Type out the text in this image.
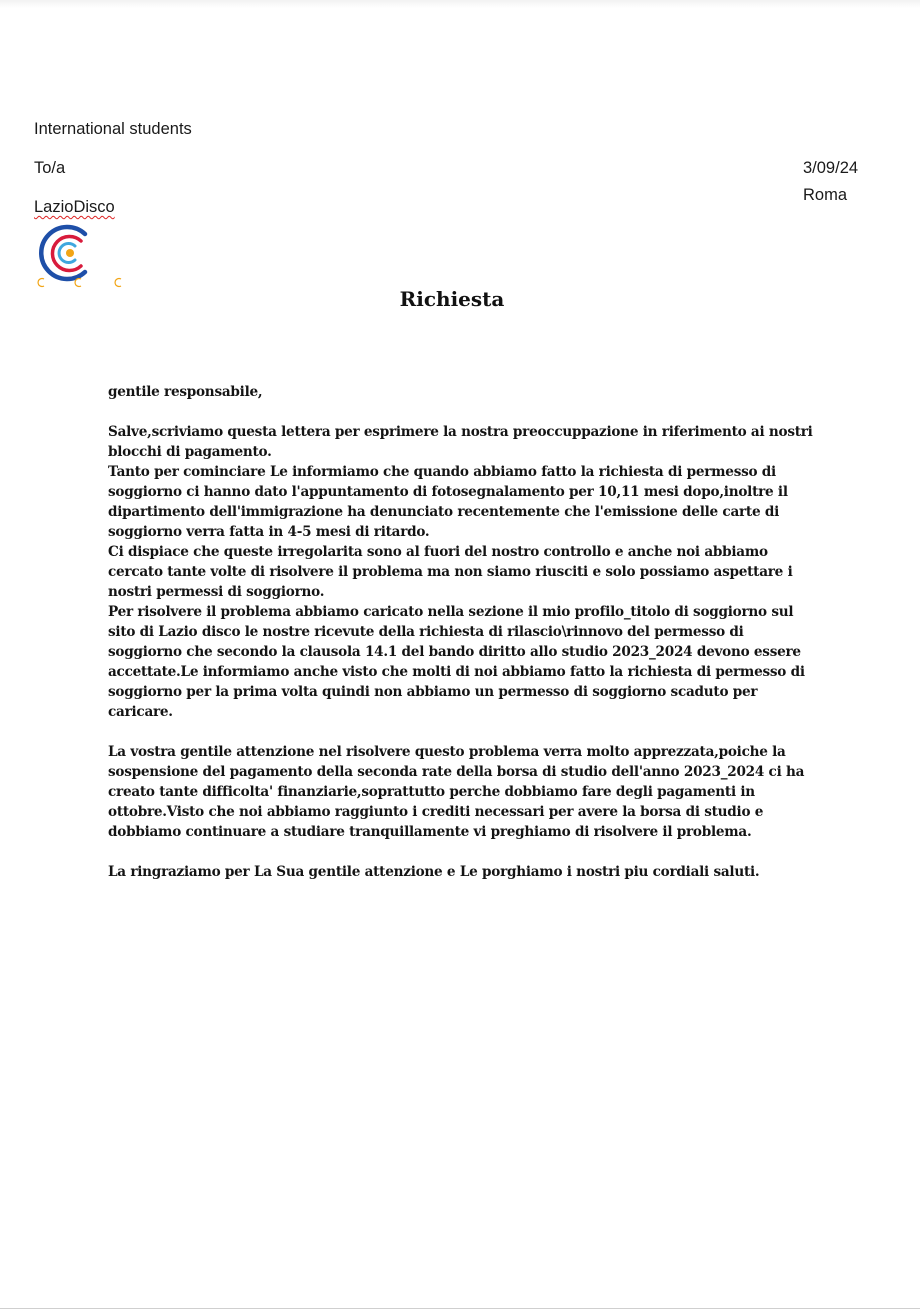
International students
To/a
LazioDisco
3/09/24
Roma
Richiesta

gentile responsabile,

Salve,scriviamo questa lettera per esprimere la nostra preoccuppazione in riferimento ai nostri blocchi di pagamento.

Tanto per cominciare Le informiamo che quando abbiamo fatto la richiesta di permesso di soggiorno ci hanno dato l'appuntamento di fotosegnalamento per 10,11 mesi dopo,inoltre il dipartimento dell'immigrazione ha denunciato recentemente che l'emissione delle carte di soggiorno verra fatta in 4-5 mesi di ritardo.

Ci dispiace che queste irregolarita sono al fuori del nostro controllo e anche noi abbiamo cercato tante volte di risolvere il problema ma non siamo riusciti e solo possiamo aspettare i nostri permessi di soggiorno.

Per risolvere il problema abbiamo caricato nella sezione il mio profilo_titolo di soggiorno sul sito di Lazio disco le nostre ricevute della richiesta di rilascio\rinnovo del permesso di soggiorno che secondo la clausola 14.1 del bando diritto allo studio 2023_2024 devono essere accettate.Le informiamo anche visto che molti di noi abbiamo fatto la richiesta di permesso di soggiorno per la prima volta quindi non abbiamo un permesso di soggiorno scaduto per caricare.

La vostra gentile attenzione nel risolvere questo problema verra molto apprezzata,poiche la sospensione del pagamento della seconda rate della borsa di studio dell'anno 2023_2024 ci ha creato tante difficolta' finanziarie,soprattutto perche dobbiamo fare degli pagamenti in ottobre.Visto che noi abbiamo raggiunto i crediti necessari per avere la borsa di studio e dobbiamo continuare a studiare tranquillamente vi preghiamo di risolvere il problema.

La ringraziamo per La Sua gentile attenzione e Le porghiamo i nostri piu cordiali saluti.
